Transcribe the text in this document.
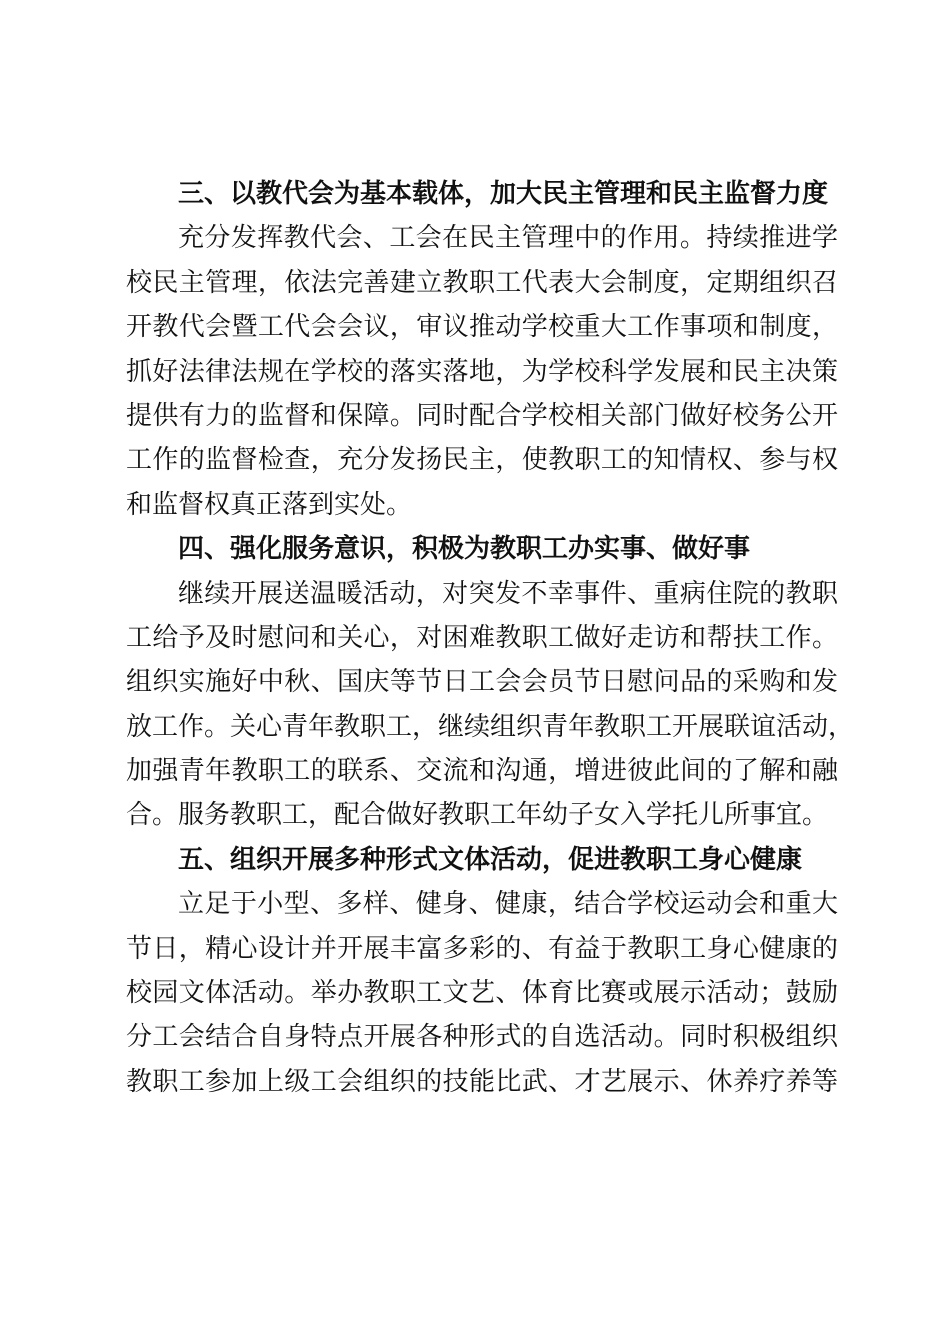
三、以教代会为基本载体，加大民主管理和民主监督力度
充分发挥教代会、工会在民主管理中的作用。持续推进学
校民主管理，依法完善建立教职工代表大会制度，定期组织召
开教代会暨工代会会议，审议推动学校重大工作事项和制度，
抓好法律法规在学校的落实落地，为学校科学发展和民主决策
提供有力的监督和保障。同时配合学校相关部门做好校务公开
工作的监督检查，充分发扬民主，使教职工的知情权、参与权
和监督权真正落到实处。
四、强化服务意识，积极为教职工办实事、做好事
继续开展送温暖活动，对突发不幸事件、重病住院的教职
工给予及时慰问和关心，对困难教职工做好走访和帮扶工作。
组织实施好中秋、国庆等节日工会会员节日慰问品的采购和发
放工作。关心青年教职工，继续组织青年教职工开展联谊活动，
加强青年教职工的联系、交流和沟通，增进彼此间的了解和融
合。服务教职工，配合做好教职工年幼子女入学托儿所事宜。
五、组织开展多种形式文体活动，促进教职工身心健康
立足于小型、多样、健身、健康，结合学校运动会和重大
节日，精心设计并开展丰富多彩的、有益于教职工身心健康的
校园文体活动。举办教职工文艺、体育比赛或展示活动；鼓励
分工会结合自身特点开展各种形式的自选活动。同时积极组织
教职工参加上级工会组织的技能比武、才艺展示、休养疗养等
